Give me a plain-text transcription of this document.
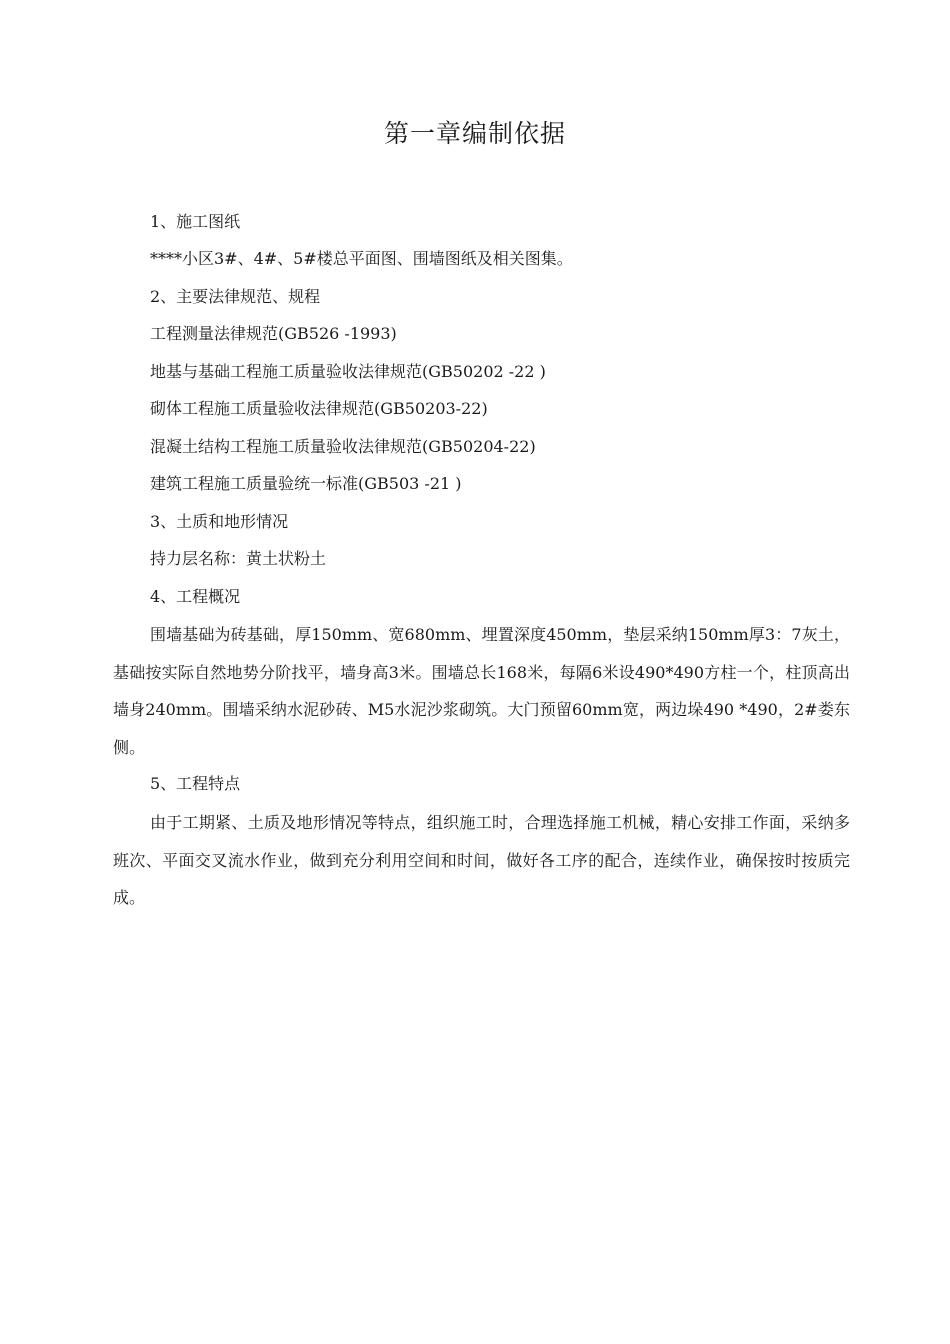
第一章编制依据
1、施工图纸
****小区3#、4#、5#楼总平面图、围墙图纸及相关图集。
2、主要法律规范、规程
工程测量法律规范(GB526 -1993)
地基与基础工程施工质量验收法律规范(GB50202 -22 )
砌体工程施工质量验收法律规范(GB50203-22)
混凝土结构工程施工质量验收法律规范(GB50204-22)
建筑工程施工质量验统一标准(GB503 -21 )
3、土质和地形情况
持力层名称：黄土状粉土
4、工程概况
围墙基础为砖基础，厚150mm、宽680mm、埋置深度450mm，垫层采纳150mm厚3：7灰土，基础按实际自然地势分阶找平，墙身高3米。围墙总长168米，每隔6米设490*490方柱一个，柱顶高出墙身240mm。围墙采纳水泥砂砖、M5水泥沙浆砌筑。大门预留60mm宽，两边垛490 *490，2#娄东侧。
5、工程特点
由于工期紧、土质及地形情况等特点，组织施工时，合理选择施工机械，精心安排工作面，采纳多班次、平面交叉流水作业，做到充分利用空间和时间，做好各工序的配合，连续作业，确保按时按质完成。
